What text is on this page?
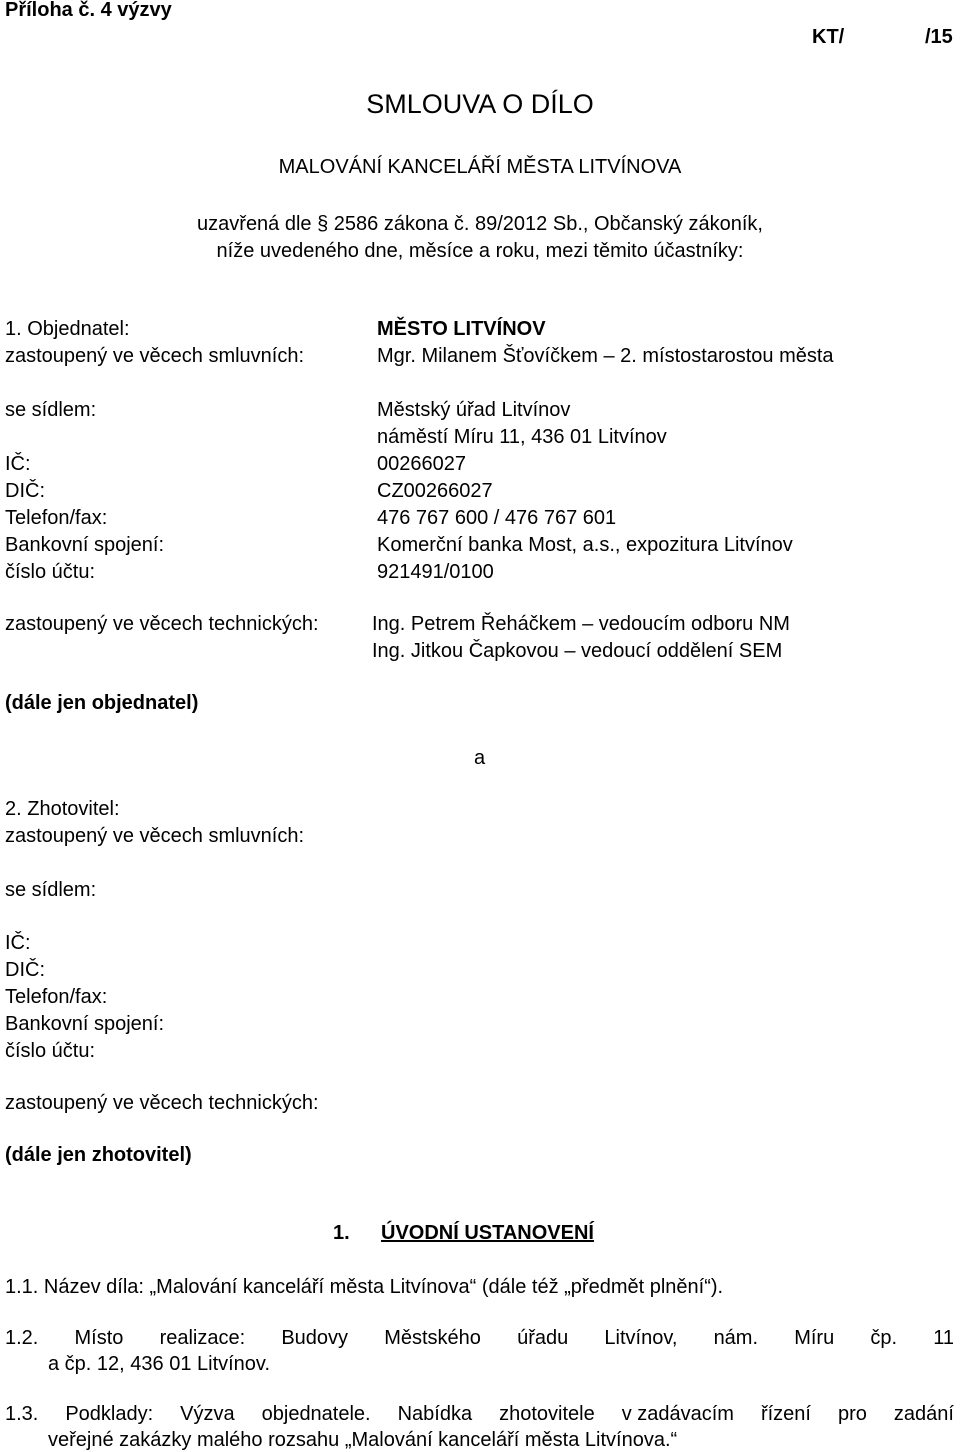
Příloha č. 4 výzvy
KT/	/15
SMLOUVA O DÍLO
MALOVÁNÍ KANCELÁŘÍ MĚSTA LITVÍNOVA
uzavřená dle § 2586 zákona č. 89/2012 Sb., Občanský zákoník,
níže uvedeného dne, měsíce a roku, mezi těmito účastníky:
1. Objednatel:	MĚSTO LITVÍNOV
zastoupený ve věcech smluvních:	Mgr. Milanem Šťovíčkem – 2. místostarostou města
se sídlem:	Městský úřad Litvínov
náměstí Míru 11, 436 01 Litvínov
IČ:	00266027
DIČ:	CZ00266027
Telefon/fax:	476 767 600 / 476 767 601
Bankovní spojení:	Komerční banka Most, a.s., expozitura Litvínov
číslo účtu:	921491/0100
zastoupený ve věcech technických:	Ing. Petrem Řeháčkem – vedoucím odboru NM
Ing. Jitkou Čapkovou – vedoucí oddělení SEM
(dále jen objednatel)
a
2. Zhotovitel:
zastoupený ve věcech smluvních:
se sídlem:
IČ:
DIČ:
Telefon/fax:
Bankovní spojení:
číslo účtu:
zastoupený ve věcech technických:
(dále jen zhotovitel)
1. ÚVODNÍ USTANOVENÍ
1.1. Název díla: „Malování kanceláří města Litvínova“ (dále též „předmět plnění“).
1.2. Místo realizace: Budovy Městského úřadu Litvínov, nám. Míru čp. 11
a čp. 12, 436 01 Litvínov.
1.3. Podklady: Výzva objednatele. Nabídka zhotovitele v zadávacím řízení pro zadání
veřejné zakázky malého rozsahu „Malování kanceláří města Litvínova.“
